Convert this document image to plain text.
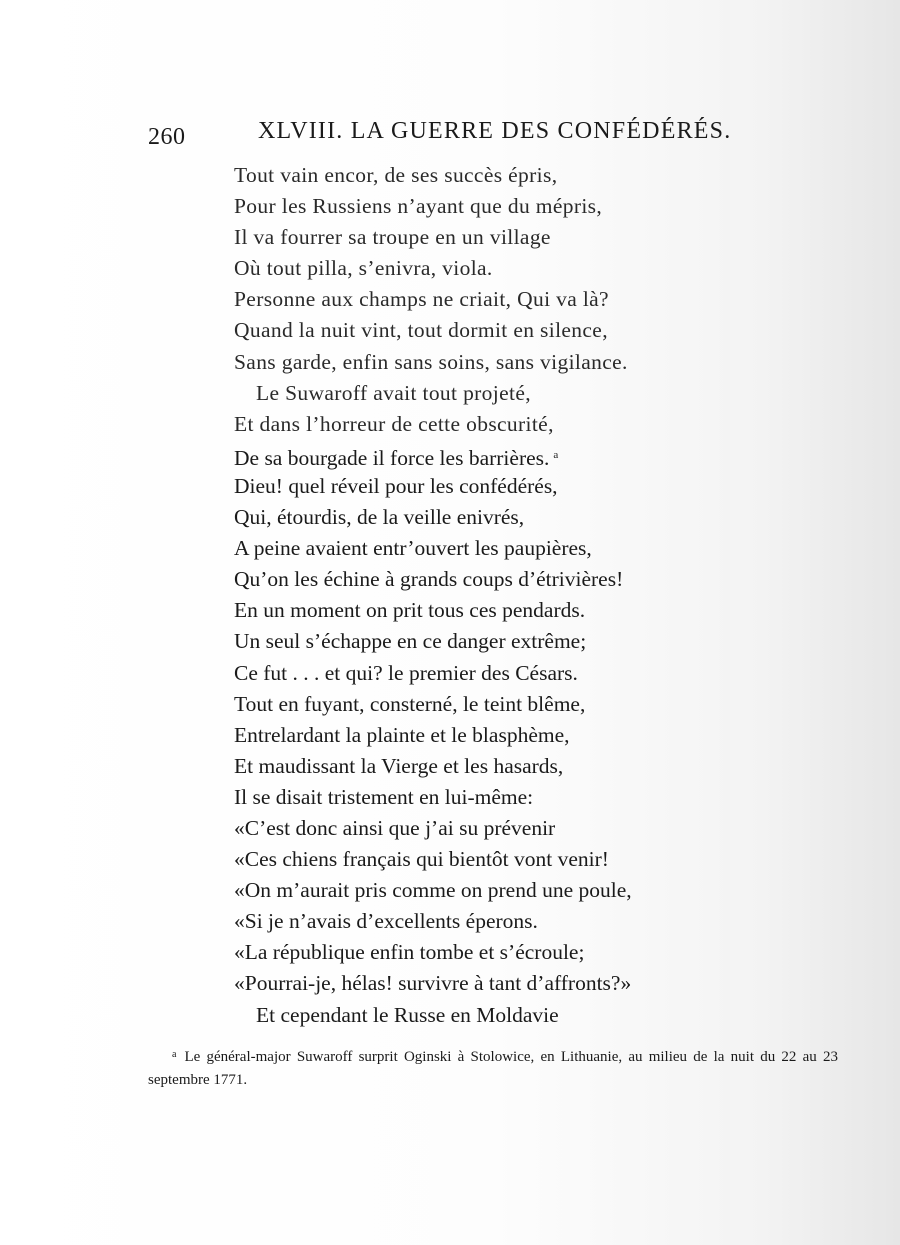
260	XLVIII. LA GUERRE DES CONFÉDÉRÉS.
Tout vain encor, de ses succès épris,
Pour les Russiens n’ayant que du mépris,
Il va fourrer sa troupe en un village
Où tout pilla, s’enivra, viola.
Personne aux champs ne criait, Qui va là?
Quand la nuit vint, tout dormit en silence,
Sans garde, enfin sans soins, sans vigilance.
Le Suwaroff avait tout projeté,
Et dans l’horreur de cette obscurité,
De sa bourgade il force les barrières. $^a$
Dieu! quel réveil pour les confédérés,
Qui, étourdis, de la veille enivrés,
A peine avaient entr’ouvert les paupières,
Qu’on les échine à grands coups d’étrivières!
En un moment on prit tous ces pendards.
Un seul s’échappe en ce danger extrême;
Ce fut . . . et qui? le premier des Césars.
Tout en fuyant, consterné, le teint blême,
Entrelardant la plainte et le blasphème,
Et maudissant la Vierge et les hasards,
Il se disait tristement en lui-même:
«C’est donc ainsi que j’ai su prévenir
«Ces chiens français qui bientôt vont venir!
«On m’aurait pris comme on prend une poule,
«Si je n’avais d’excellents éperons.
«La république enfin tombe et s’écroule;
«Pourrai-je, hélas! survivre à tant d’affronts?»
Et cependant le Russe en Moldavie
$^a$ Le général-major Suwaroff surprit Oginski à Stolowice, en Lithuanie, au milieu de la nuit du 22 au 23 septembre 1771.
